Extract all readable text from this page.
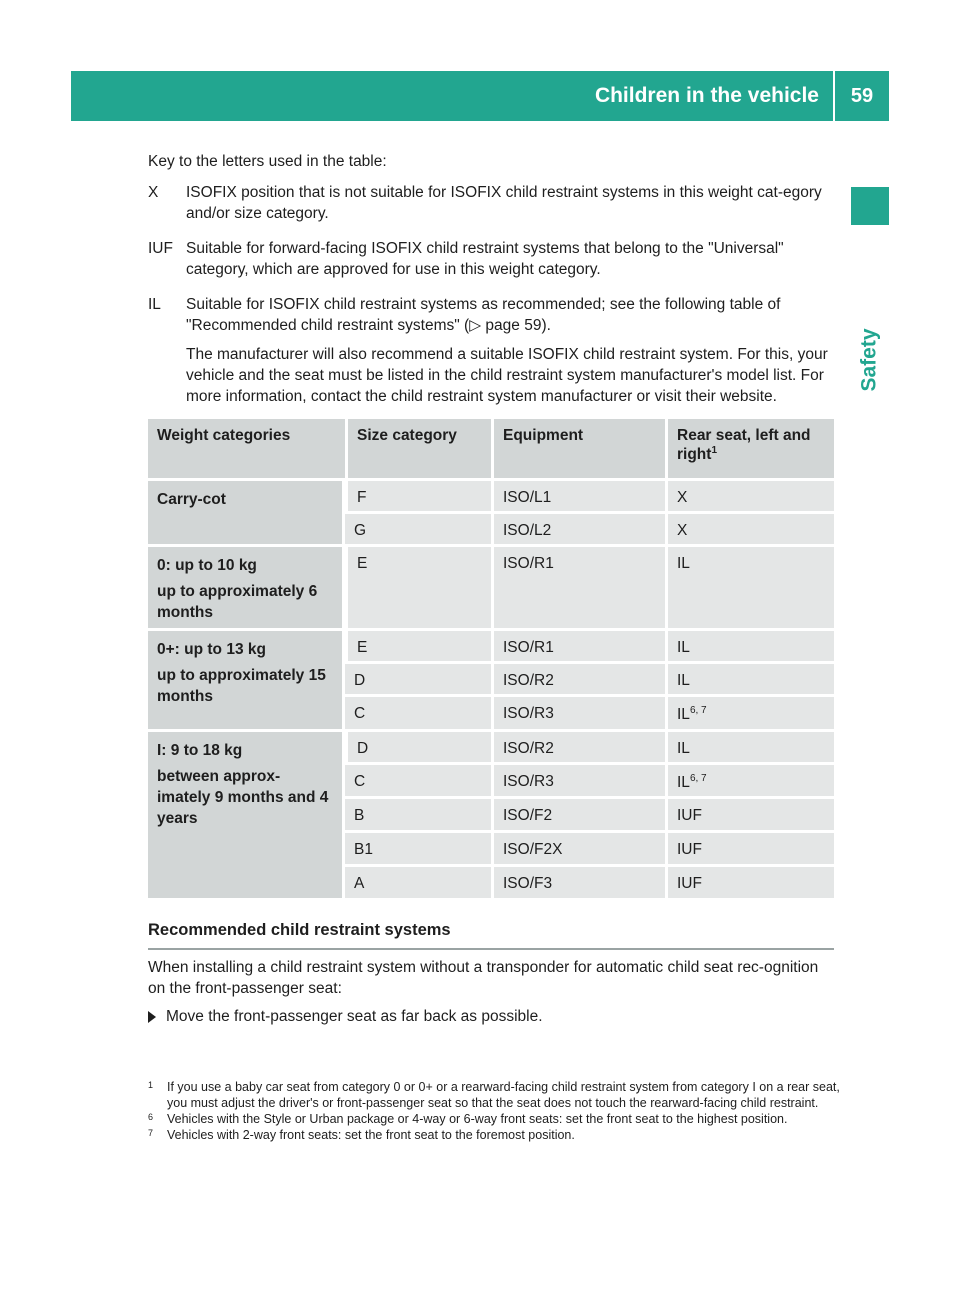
Children in the vehicle	59
Safety
Key to the letters used in the table:
X	ISOFIX position that is not suitable for ISOFIX child restraint systems in this weight cat-egory and/or size category.

IUF Suitable for forward-facing ISOFIX child restraint systems that belong to the "Universal" category, which are approved for use in this weight category.

IL	Suitable for ISOFIX child restraint systems as recommended; see the following table of "Recommended child restraint systems" (▷ page 59).

The manufacturer will also recommend a suitable ISOFIX child restraint system. For this, your vehicle and the seat must be listed in the child restraint system manufacturer's model list. For more information, contact the child restraint system manufacturer or visit their website.

Weight categories	Size category	Equipment	Rear seat, left and right$^1$

Carry-cot	F	ISO/L1	X
	G	ISO/L2	X

0: up to 10 kg

up to approximately 6 months	E	ISO/R1	IL

0+: up to 13 kg

up to approximately 15 months	E	ISO/R1	IL
	D	ISO/R2	IL
	C	ISO/R3	IL$^{6, 7}$

I: 9 to 18 kg

between approx-imately 9 months and 4 years	D	ISO/R2	IL
	C	ISO/R3	IL$^{6, 7}$
	B	ISO/F2	IUF
	B1	ISO/F2X	IUF
	A	ISO/F3	IUF
Recommended child restraint systems
When installing a child restraint system without a transponder for automatic child seat rec-ognition on the front-passenger seat:
Move the front-passenger seat as far back as possible.
1	If you use a baby car seat from category 0 or 0+ or a rearward-facing child restraint system from category I on a rear seat, you must adjust the driver's or front-passenger seat so that the seat does not touch the rearward-facing child restraint.
6	Vehicles with the Style or Urban package or 4-way or 6-way front seats: set the front seat to the highest position.
7	Vehicles with 2-way front seats: set the front seat to the foremost position.
